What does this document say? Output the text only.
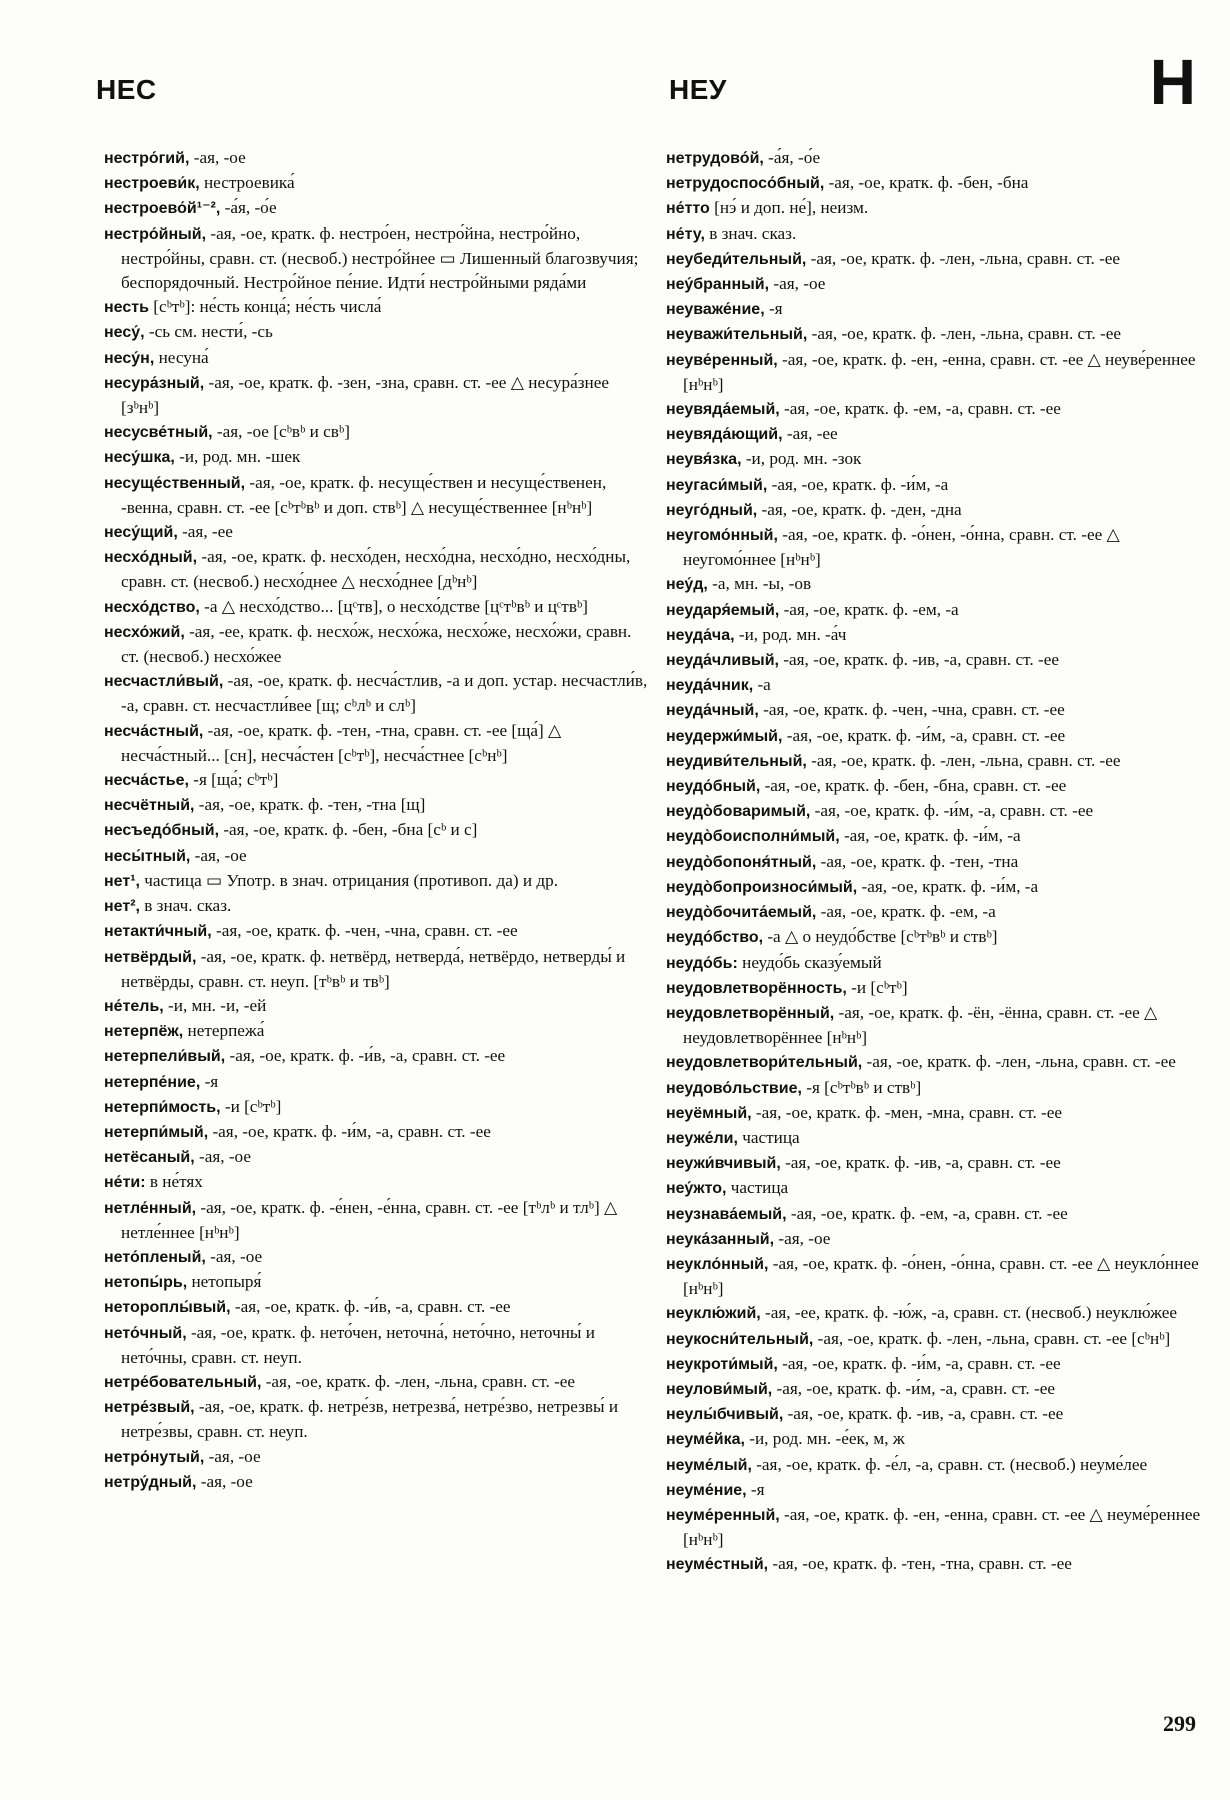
НЕС	НЕУ	Н

нестро́гий, -ая, -ое

нестроеви́к, нестроевика́

нестроево́й¹⁻², -а́я, -о́е

нестро́йный, -ая, -ое, кратк. ф. нестро́ен, нестро́йна, нестро́йно, нестро́йны, сравн. ст. (несвоб.) нестро́йнее ▭ Лишенный благозвучия; беспорядочный. Нестро́йное пе́ние. Идти́ нестро́йными ряда́ми

несть [сᵇтᵇ]: не́сть конца́; не́сть числа́

несу́, -сь см. нести́, -сь

несу́н, несуна́

несура́зный, -ая, -ое, кратк. ф. -зен, -зна, сравн. ст. -ее △ несура́знее [зᵇнᵇ]

несусве́тный, -ая, -ое [сᵇвᵇ и свᵇ]

несу́шка, -и, род. мн. -шек

несуще́ственный, -ая, -ое, кратк. ф. несуще́ствен и несуще́ственен, -венна, сравн. ст. -ее [сᵇтᵇвᵇ и доп. ствᵇ] △ несуще́ственнее [нᵇнᵇ]

несу́щий, -ая, -ее

несхо́дный, -ая, -ое, кратк. ф. несхо́ден, несхо́дна, несхо́дно, несхо́дны, сравн. ст. (несвоб.) несхо́днее △ несхо́днее [дᵇнᵇ]

несхо́дство, -а △ несхо́дство... [цᶜтв], о несхо́дстве [цᶜтᵇвᵇ и цᶜтвᵇ]

несхо́жий, -ая, -ее, кратк. ф. несхо́ж, несхо́жа, несхо́же, несхо́жи, сравн. ст. (несвоб.) несхо́жее

несчастли́вый, -ая, -ое, кратк. ф. несча́стлив, -а и доп. устар. несчастли́в, -а, сравн. ст. несчастли́вее [щ; сᵇлᵇ и слᵇ]

несча́стный, -ая, -ое, кратк. ф. -тен, -тна, сравн. ст. -ее [ща́] △ несча́стный... [сн], несча́стен [сᵇтᵇ], несча́стнее [сᵇнᵇ]

несча́стье, -я [ща́; сᵇтᵇ]

несчётный, -ая, -ое, кратк. ф. -тен, -тна [щ]

несъедо́бный, -ая, -ое, кратк. ф. -бен, -бна [сᵇ и с]

несы́тный, -ая, -ое

нет¹, частица ▭ Употр. в знач. отрицания (противоп. да) и др.

нет², в знач. сказ.

нетакти́чный, -ая, -ое, кратк. ф. -чен, -чна, сравн. ст. -ее

нетвёрдый, -ая, -ое, кратк. ф. нетвёрд, нетверда́, нетвёрдо, нетверды́ и нетвёрды, сравн. ст. неуп. [тᵇвᵇ и твᵇ]

не́тель, -и, мн. -и, -ей

нетерпёж, нетерпежа́

нетерпели́вый, -ая, -ое, кратк. ф. -и́в, -а, сравн. ст. -ее

нетерпе́ние, -я

нетерпи́мость, -и [сᵇтᵇ]

нетерпи́мый, -ая, -ое, кратк. ф. -и́м, -а, сравн. ст. -ее

нетёсаный, -ая, -ое

не́ти: в не́тях

нетле́нный, -ая, -ое, кратк. ф. -е́нен, -е́нна, сравн. ст. -ее [тᵇлᵇ и тлᵇ] △ нетле́ннее [нᵇнᵇ]

нето́пленый, -ая, -ое

нетопы́рь, нетопыря́

нетороплы́вый, -ая, -ое, кратк. ф. -и́в, -а, сравн. ст. -ее

нето́чный, -ая, -ое, кратк. ф. нето́чен, неточна́, нето́чно, неточны́ и нето́чны, сравн. ст. неуп.

нетре́бовательный, -ая, -ое, кратк. ф. -лен, -льна, сравн. ст. -ее

нетре́звый, -ая, -ое, кратк. ф. нетре́зв, нетрезва́, нетре́зво, нетрезвы́ и нетре́звы, сравн. ст. неуп.

нетро́нутый, -ая, -ое

нетру́дный, -ая, -ое

нетрудово́й, -а́я, -о́е

нетрудоспосо́бный, -ая, -ое, кратк. ф. -бен, -бна

не́тто [нэ́ и доп. не́], неизм.

не́ту, в знач. сказ.

неубеди́тельный, -ая, -ое, кратк. ф. -лен, -льна, сравн. ст. -ее

неу́бранный, -ая, -ое

неуваже́ние, -я

неуважи́тельный, -ая, -ое, кратк. ф. -лен, -льна, сравн. ст. -ее

неуве́ренный, -ая, -ое, кратк. ф. -ен, -енна, сравн. ст. -ее △ неуве́реннее [нᵇнᵇ]

неувяда́емый, -ая, -ое, кратк. ф. -ем, -а, сравн. ст. -ее

неувяда́ющий, -ая, -ее

неувя́зка, -и, род. мн. -зок

неугаси́мый, -ая, -ое, кратк. ф. -и́м, -а

неуго́дный, -ая, -ое, кратк. ф. -ден, -дна

неугомо́нный, -ая, -ое, кратк. ф. -о́нен, -о́нна, сравн. ст. -ее △ неугомо́ннее [нᵇнᵇ]

неу́д, -а, мн. -ы, -ов

неударя́емый, -ая, -ое, кратк. ф. -ем, -а

неуда́ча, -и, род. мн. -а́ч

неуда́чливый, -ая, -ое, кратк. ф. -ив, -а, сравн. ст. -ее

неуда́чник, -а

неуда́чный, -ая, -ое, кратк. ф. -чен, -чна, сравн. ст. -ее

неудержи́мый, -ая, -ое, кратк. ф. -и́м, -а, сравн. ст. -ее

неудиви́тельный, -ая, -ое, кратк. ф. -лен, -льна, сравн. ст. -ее

неудо́бный, -ая, -ое, кратк. ф. -бен, -бна, сравн. ст. -ее

неудо̀боваримый, -ая, -ое, кратк. ф. -и́м, -а, сравн. ст. -ее

неудо̀боисполни́мый, -ая, -ое, кратк. ф. -и́м, -а

неудо̀бопоня́тный, -ая, -ое, кратк. ф. -тен, -тна

неудо̀бопроизноси́мый, -ая, -ое, кратк. ф. -и́м, -а

неудо̀бочита́емый, -ая, -ое, кратк. ф. -ем, -а

неудо́бство, -а △ о неудо́бстве [сᵇтᵇвᵇ и ствᵇ]

неудо́бь: неудо́бь сказу́емый

неудовлетворённость, -и [сᵇтᵇ]

неудовлетворённый, -ая, -ое, кратк. ф. -ён, -ённа, сравн. ст. -ее △ неудовлетворённее [нᵇнᵇ]

неудовлетвори́тельный, -ая, -ое, кратк. ф. -лен, -льна, сравн. ст. -ее

неудово́льствие, -я [сᵇтᵇвᵇ и ствᵇ]

неуёмный, -ая, -ое, кратк. ф. -мен, -мна, сравн. ст. -ее

неуже́ли, частица

неужи́вчивый, -ая, -ое, кратк. ф. -ив, -а, сравн. ст. -ее

неу́жто, частица

неузнава́емый, -ая, -ое, кратк. ф. -ем, -а, сравн. ст. -ее

неука́занный, -ая, -ое

неукло́нный, -ая, -ое, кратк. ф. -о́нен, -о́нна, сравн. ст. -ее △ неукло́ннее [нᵇнᵇ]

неуклю́жий, -ая, -ее, кратк. ф. -ю́ж, -а, сравн. ст. (несвоб.) неуклю́жее

неукосни́тельный, -ая, -ое, кратк. ф. -лен, -льна, сравн. ст. -ее [сᵇнᵇ]

неукроти́мый, -ая, -ое, кратк. ф. -и́м, -а, сравн. ст. -ее

неулови́мый, -ая, -ое, кратк. ф. -и́м, -а, сравн. ст. -ее

неулы́бчивый, -ая, -ое, кратк. ф. -ив, -а, сравн. ст. -ее

неуме́йка, -и, род. мн. -е́ек, м, ж

неуме́лый, -ая, -ое, кратк. ф. -е́л, -а, сравн. ст. (несвоб.) неуме́лее

неуме́ние, -я

неуме́ренный, -ая, -ое, кратк. ф. -ен, -енна, сравн. ст. -ее △ неуме́реннее [нᵇнᵇ]

неуме́стный, -ая, -ое, кратк. ф. -тен, -тна, сравн. ст. -ее

299
